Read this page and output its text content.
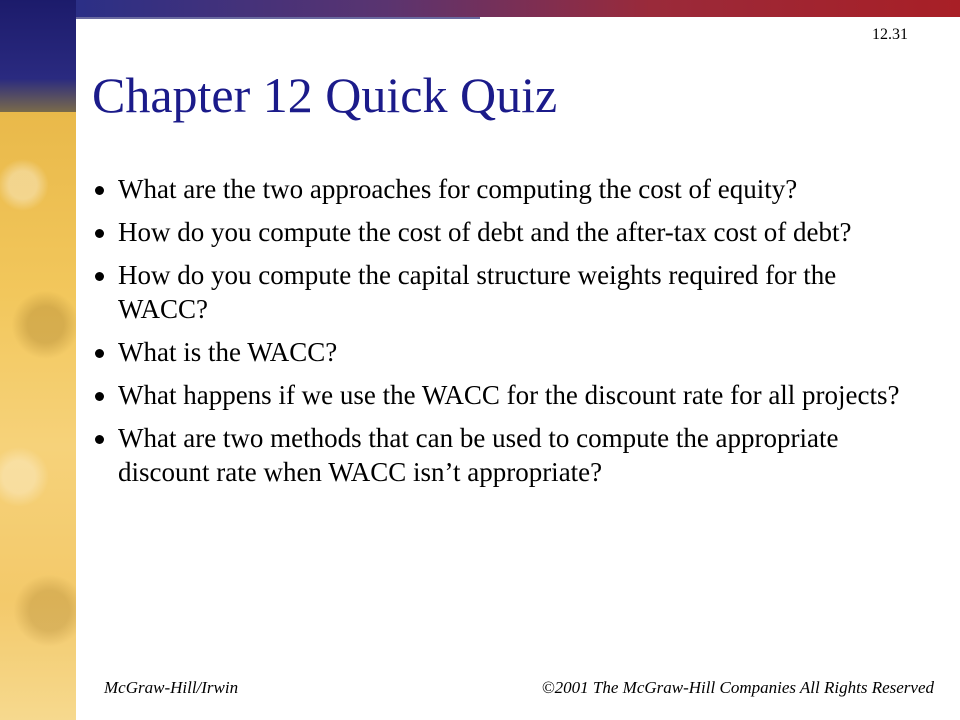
12.31
Chapter 12 Quick Quiz
What are the two approaches for computing the cost of equity?
How do you compute the cost of debt and the after-tax cost of debt?
How do you compute the capital structure weights required for the WACC?
What is the WACC?
What happens if we use the WACC for the discount rate for all projects?
What are two methods that can be used to compute the appropriate discount rate when WACC isn’t appropriate?
McGraw-Hill/Irwin	©2001 The McGraw-Hill Companies All Rights Reserved
